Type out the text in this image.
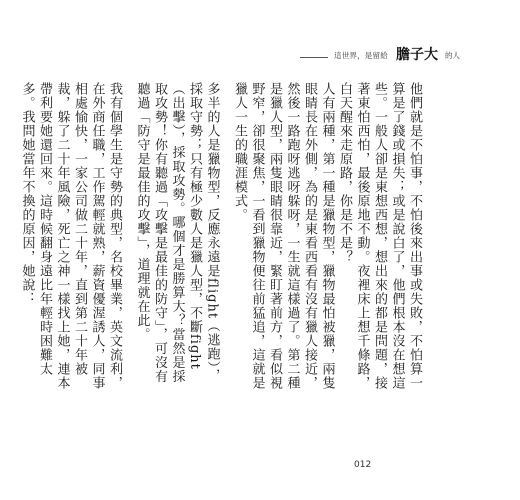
這世界，是留給 膽子大 的人

他們就是不怕事，不怕後來出事或失敗，不怕算一算是了錢或損失；或是說白了，他們根本沒在想這些。一般人卻是東想西想，想出來的都是問題，接著東怕西怕，最後原地不動。夜裡床上想千條路，白天醒來走原路，你是不是？

人有兩種，第一種是獵物型，獵物最怕被獵，兩隻眼睛長在外側，為的是東看西看有沒有獵人接近，然後一路跑呀逃呀躲呀，一生就這樣過了。第二種是獵人型，兩隻眼睛很靠近，緊盯著前方，看似視野窄，卻很聚焦，一看到獵物便往前猛追，這就是獵人一生的職涯模式。

多半的人是獵物型，反應永遠是flight（逃跑），採取守勢；只有極少數人是獵人型，不斷fight（出擊），採取攻勢。哪個才是勝算大？當然是採取攻勢！你有聽過「攻擊是最佳的防守」，可沒有聽過「防守是最佳的攻擊」，道理就在此。

我有個學生是守勢的典型，名校畢業，英文流利，在外商任職，工作駕輕就熟，薪資優渥誘人，同事相處愉快，一家公司做二十年，直到第二十年被裁，躲了二十年風險，死亡之神一樣找上她，連本帶利要她還回來。這時候翻身遠比年輕時困難太多。我問她當年不換的原因，她說：

012
